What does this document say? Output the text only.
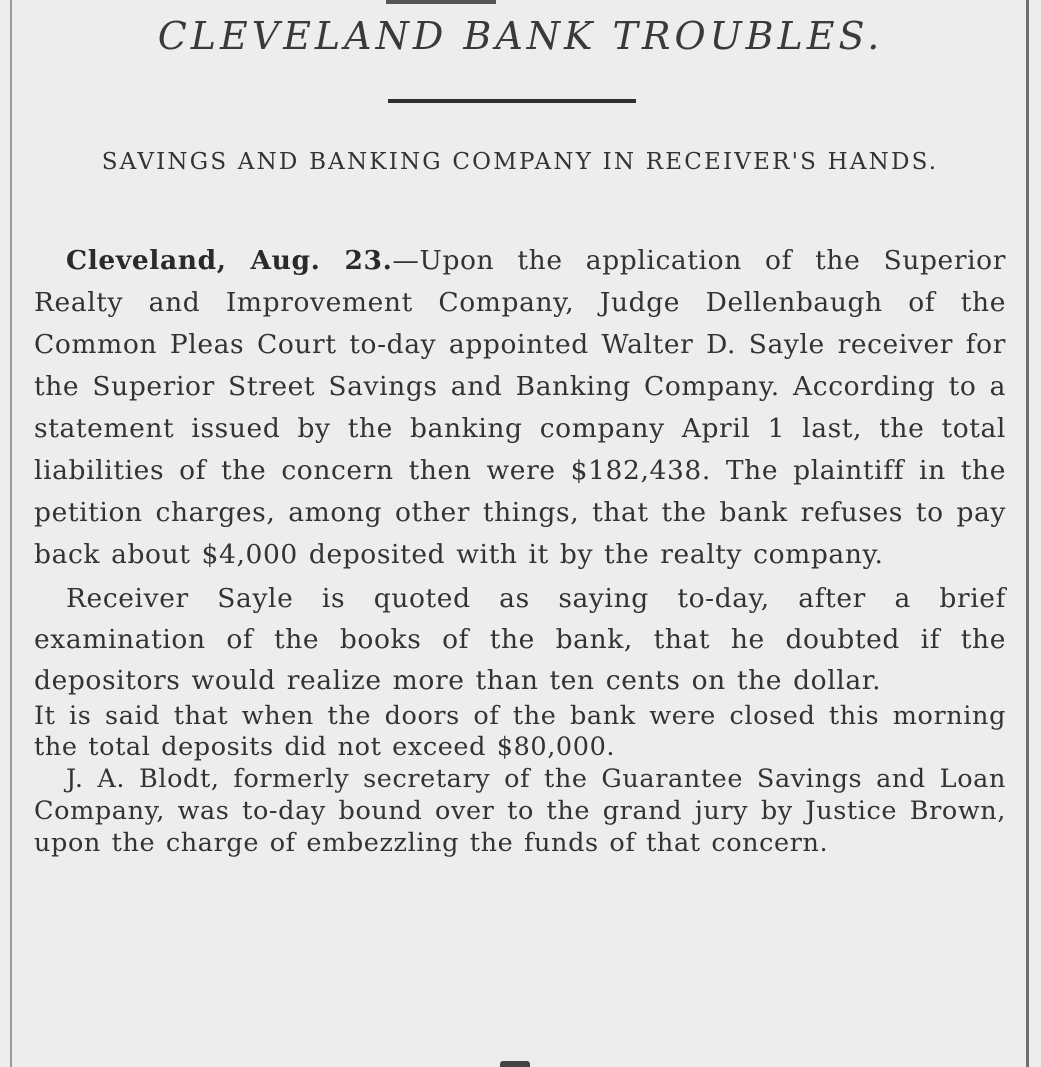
CLEVELAND BANK TROUBLES.
SAVINGS AND BANKING COMPANY IN RECEIVER'S HANDS.

Cleveland, Aug. 23.—Upon the application of the Superior Realty and Improvement Company, Judge Dellenbaugh of the Common Pleas Court to-day appointed Walter D. Sayle receiver for the Superior Street Savings and Banking Company. According to a statement issued by the banking company April 1 last, the total liabilities of the concern then were $182,438. The plaintiff in the petition charges, among other things, that the bank refuses to pay back about $4,000 deposited with it by the realty company.

Receiver Sayle is quoted as saying to-day, after a brief examination of the books of the bank, that he doubted if the depositors would realize more than ten cents on the dollar.

It is said that when the doors of the bank were closed this morning the total deposits did not exceed $80,000.

J. A. Blodt, formerly secretary of the Guarantee Savings and Loan Company, was to-day bound over to the grand jury by Justice Brown, upon the charge of embezzling the funds of that concern.
